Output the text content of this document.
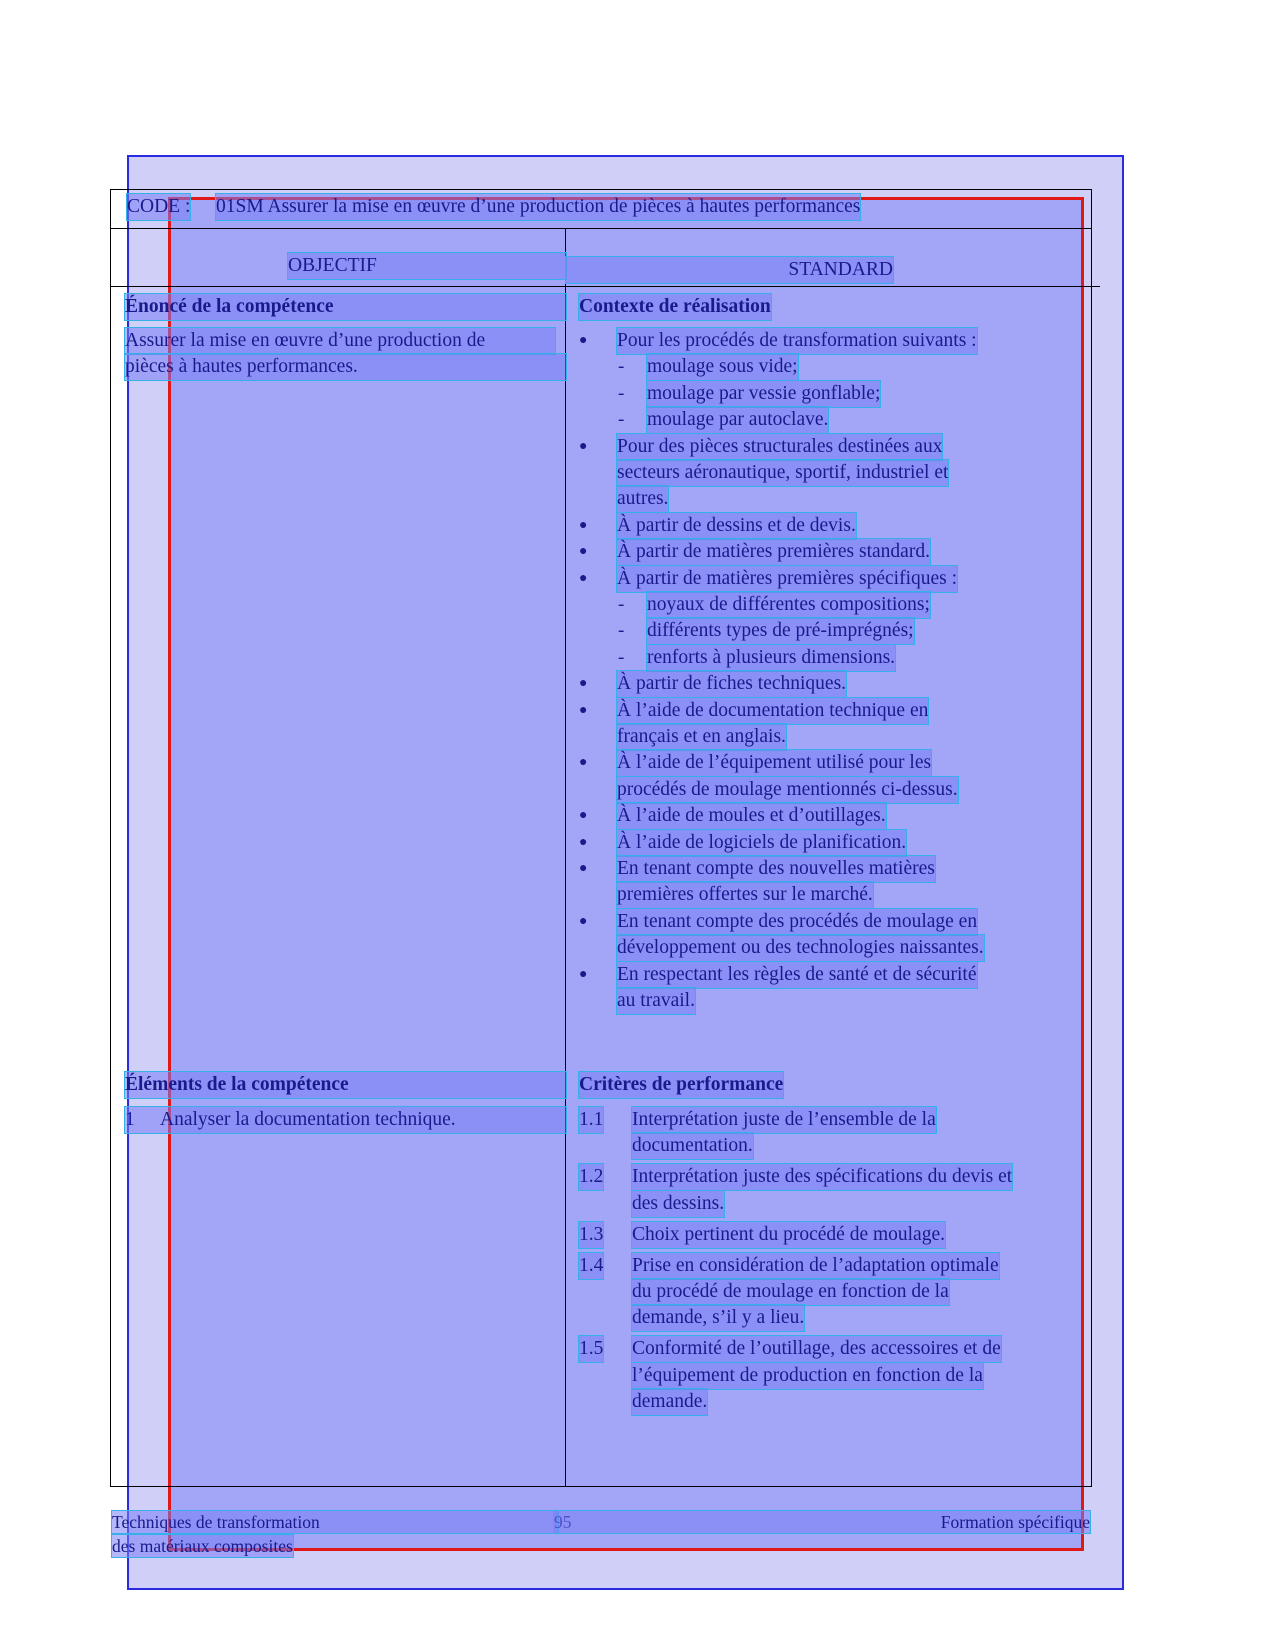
CODE : 01SM Assurer la mise en œuvre d’une production de pièces à hautes performances
OBJECTIF	STANDARD
Énoncé de la compétence
Assurer la mise en œuvre d’une production de
pièces à hautes performances.
Contexte de réalisation
● Pour les procédés de transformation suivants :
- moulage sous vide;
- moulage par vessie gonflable;
- moulage par autoclave.
● Pour des pièces structurales destinées aux
secteurs aéronautique, sportif, industriel et
autres.
● À partir de dessins et de devis.
● À partir de matières premières standard.
● À partir de matières premières spécifiques :
- noyaux de différentes compositions;
- différents types de pré-imprégnés;
- renforts à plusieurs dimensions.
● À partir de fiches techniques.
● À l’aide de documentation technique en
français et en anglais.
● À l’aide de l’équipement utilisé pour les
procédés de moulage mentionnés ci-dessus.
● À l’aide de moules et d’outillages.
● À l’aide de logiciels de planification.
● En tenant compte des nouvelles matières
premières offertes sur le marché.
● En tenant compte des procédés de moulage en
développement ou des technologies naissantes.
● En respectant les règles de santé et de sécurité
au travail.
Éléments de la compétence
1 Analyser la documentation technique.
Critères de performance
1.1 Interprétation juste de l’ensemble de la
documentation.
1.2 Interprétation juste des spécifications du devis et
des dessins.
1.3 Choix pertinent du procédé de moulage.
1.4 Prise en considération de l’adaptation optimale
du procédé de moulage en fonction de la
demande, s’il y a lieu.
1.5 Conformité de l’outillage, des accessoires et de
l’équipement de production en fonction de la
demande.
Techniques de transformation	Formation spécifique
des matériaux composites
